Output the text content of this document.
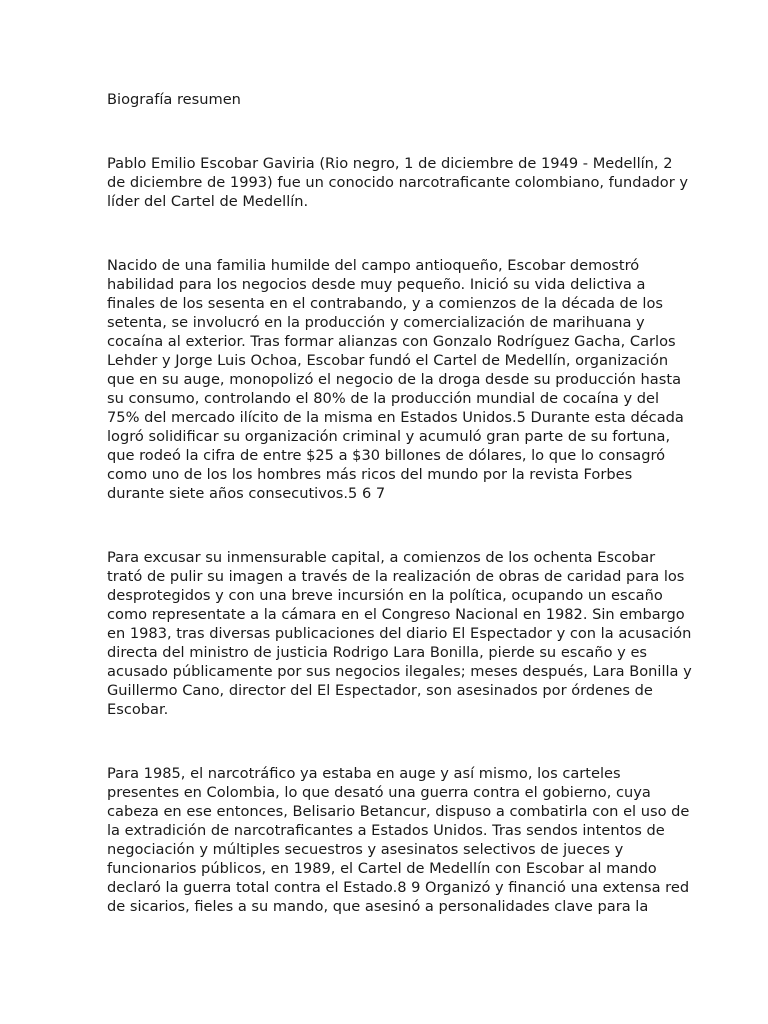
Biografía resumen

Pablo Emilio Escobar Gaviria (Rio negro, 1 de diciembre de 1949 - Medellín, 2
de diciembre de 1993) fue un conocido narcotraficante colombiano, fundador y
líder del Cartel de Medellín.

Nacido de una familia humilde del campo antioqueño, Escobar demostró
habilidad para los negocios desde muy pequeño. Inició su vida delictiva a
finales de los sesenta en el contrabando, y a comienzos de la década de los
setenta, se involucró en la producción y comercialización de marihuana y
cocaína al exterior. Tras formar alianzas con Gonzalo Rodríguez Gacha, Carlos
Lehder y Jorge Luis Ochoa, Escobar fundó el Cartel de Medellín, organización
que en su auge, monopolizó el negocio de la droga desde su producción hasta
su consumo, controlando el 80% de la producción mundial de cocaína y del
75% del mercado ilícito de la misma en Estados Unidos.5 Durante esta década
logró solidificar su organización criminal y acumuló gran parte de su fortuna,
que rodeó la cifra de entre $25 a $30 billones de dólares, lo que lo consagró
como uno de los los hombres más ricos del mundo por la revista Forbes
durante siete años consecutivos.5 6 7

Para excusar su inmensurable capital, a comienzos de los ochenta Escobar
trató de pulir su imagen a través de la realización de obras de caridad para los
desprotegidos y con una breve incursión en la política, ocupando un escaño
como representate a la cámara en el Congreso Nacional en 1982. Sin embargo
en 1983, tras diversas publicaciones del diario El Espectador y con la acusación
directa del ministro de justicia Rodrigo Lara Bonilla, pierde su escaño y es
acusado públicamente por sus negocios ilegales; meses después, Lara Bonilla y
Guillermo Cano, director del El Espectador, son asesinados por órdenes de
Escobar.

Para 1985, el narcotráfico ya estaba en auge y así mismo, los carteles
presentes en Colombia, lo que desató una guerra contra el gobierno, cuya
cabeza en ese entonces, Belisario Betancur, dispuso a combatirla con el uso de
la extradición de narcotraficantes a Estados Unidos. Tras sendos intentos de
negociación y múltiples secuestros y asesinatos selectivos de jueces y
funcionarios públicos, en 1989, el Cartel de Medellín con Escobar al mando
declaró la guerra total contra el Estado.8 9 Organizó y financió una extensa red
de sicarios, fieles a su mando, que asesinó a personalidades clave para la
